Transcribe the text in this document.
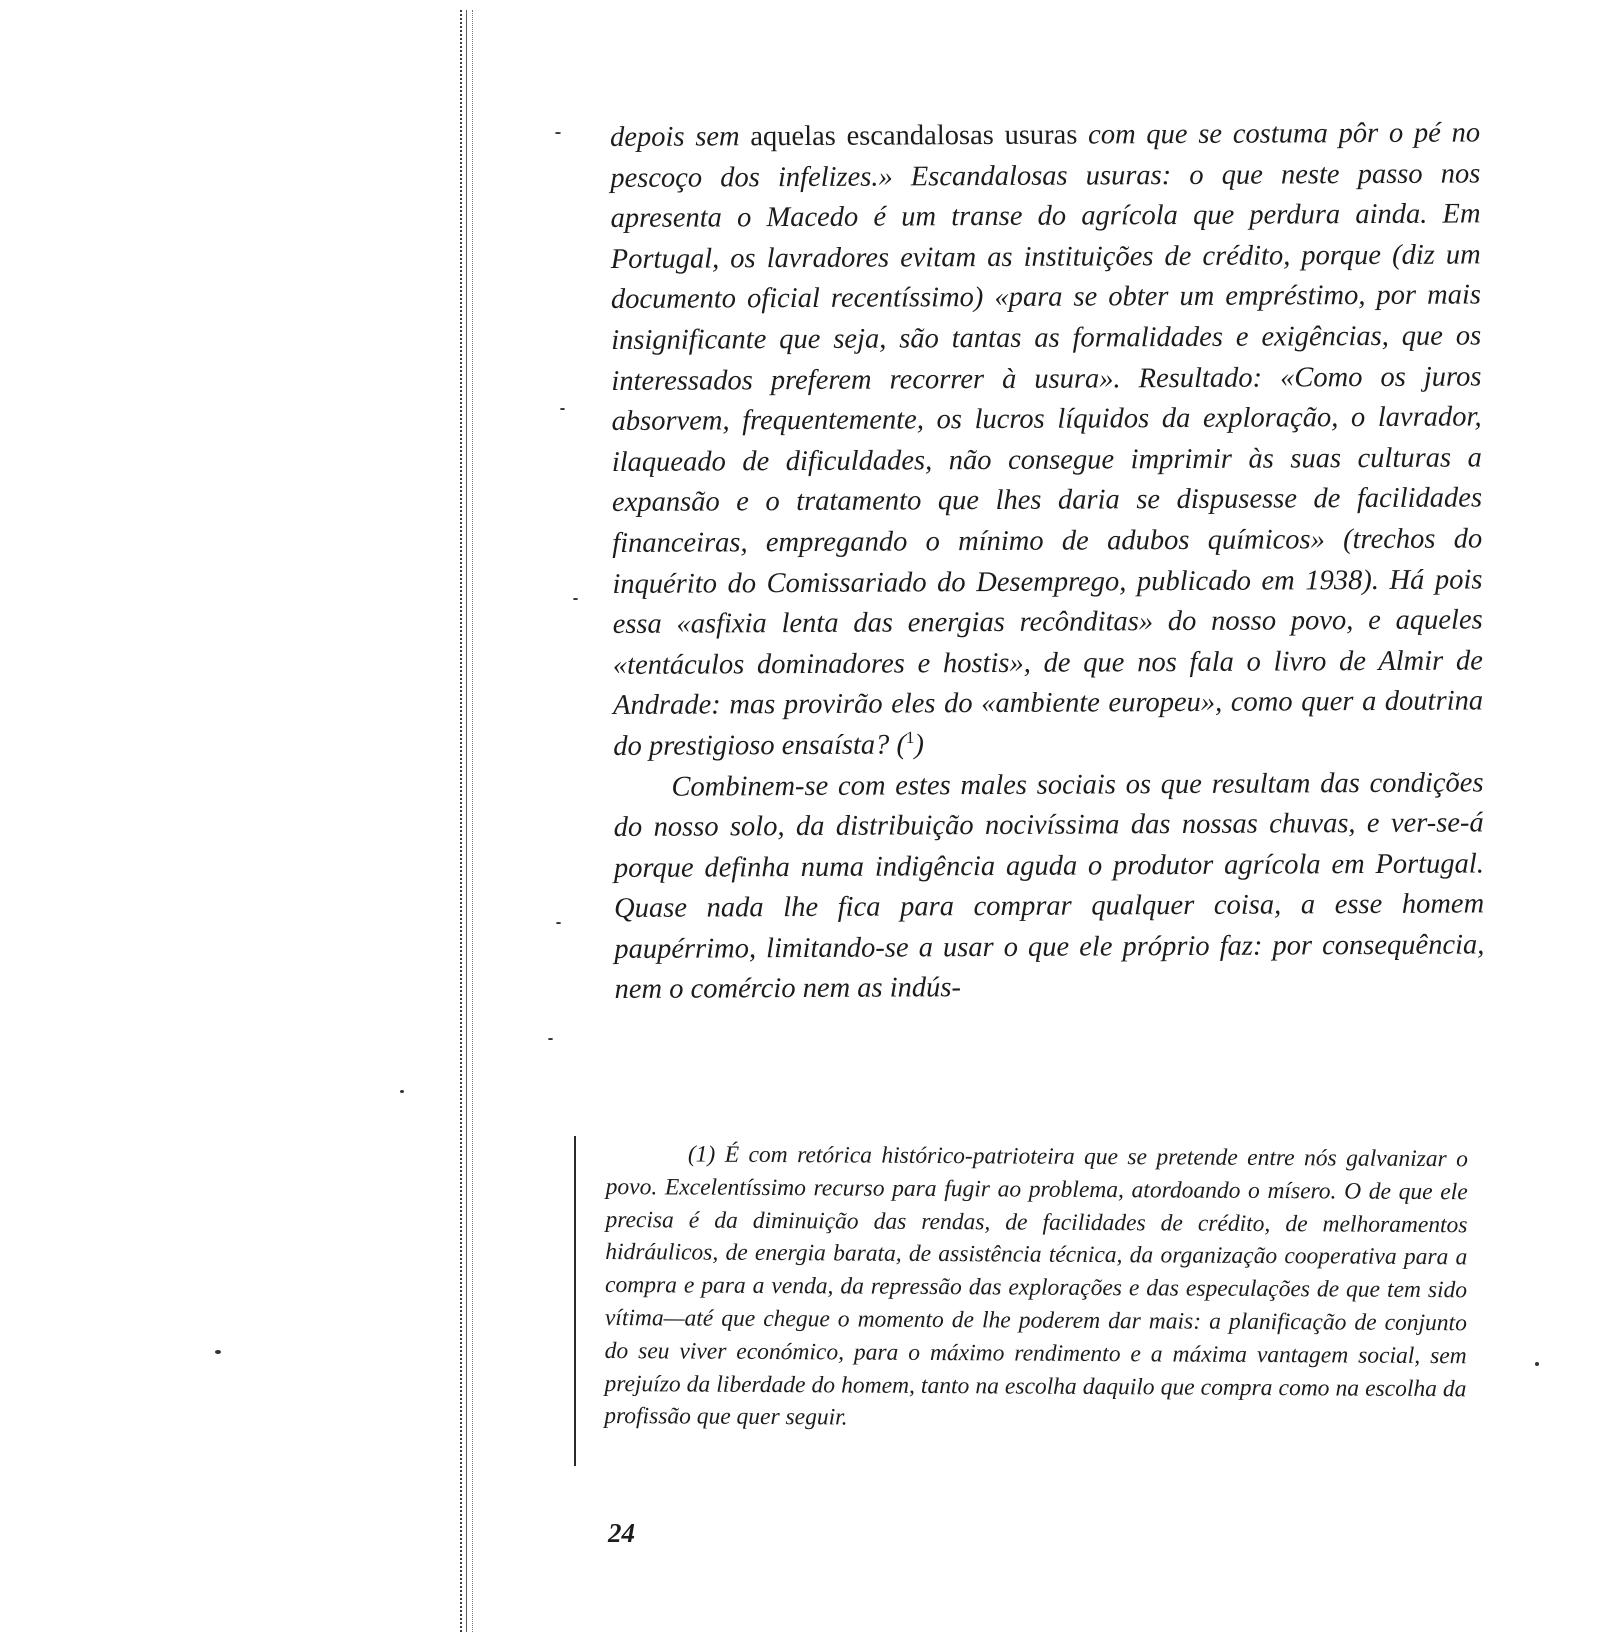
depois sem aquelas escandalosas usuras com que se costuma pôr o pé no pescoço dos infelizes.» Escandalosas usuras: o que neste passo nos apresenta o Macedo é um transe do agrícola que perdura ainda. Em Portugal, os lavradores evitam as instituições de crédito, porque (diz um documento oficial recentíssimo) «para se obter um empréstimo, por mais insignificante que seja, são tantas as formalidades e exigências, que os interessados preferem recorrer à usura». Resultado: «Como os juros absorvem, frequentemente, os lucros líquidos da exploração, o lavrador, ilaqueado de dificuldades, não consegue imprimir às suas culturas a expansão e o tratamento que lhes daria se dispusesse de facilidades financeiras, empregando o mínimo de adubos químicos» (trechos do inquérito do Comissariado do Desemprego, publicado em 1938). Há pois essa «asfixia lenta das energias recônditas» do nosso povo, e aqueles «tentáculos dominadores e hostis», de que nos fala o livro de Almir de Andrade: mas provirão eles do «ambiente europeu», como quer a doutrina do prestigioso ensaísta? ($^1$)

Combinem-se com estes males sociais os que resultam das condições do nosso solo, da distribuição nocivíssima das nossas chuvas, e ver-se-á porque definha numa indigência aguda o produtor agrícola em Portugal. Quase nada lhe fica para comprar qualquer coisa, a esse homem paupérrimo, limitando-se a usar o que ele próprio faz: por consequência, nem o comércio nem as indús-

(1) É com retórica histórico-patrioteira que se pretende entre nós galvanizar o povo. Excelentíssimo recurso para fugir ao problema, atordoando o mísero. O de que ele precisa é da diminuição das rendas, de facilidades de crédito, de melhoramentos hidráulicos, de energia barata, de assistência técnica, da organização cooperativa para a compra e para a venda, da repressão das explorações e das especulações de que tem sido vítima—até que chegue o momento de lhe poderem dar mais: a planificação de conjunto do seu viver económico, para o máximo rendimento e a máxima vantagem social, sem prejuízo da liberdade do homem, tanto na escolha daquilo que compra como na escolha da profissão que quer seguir.
24
